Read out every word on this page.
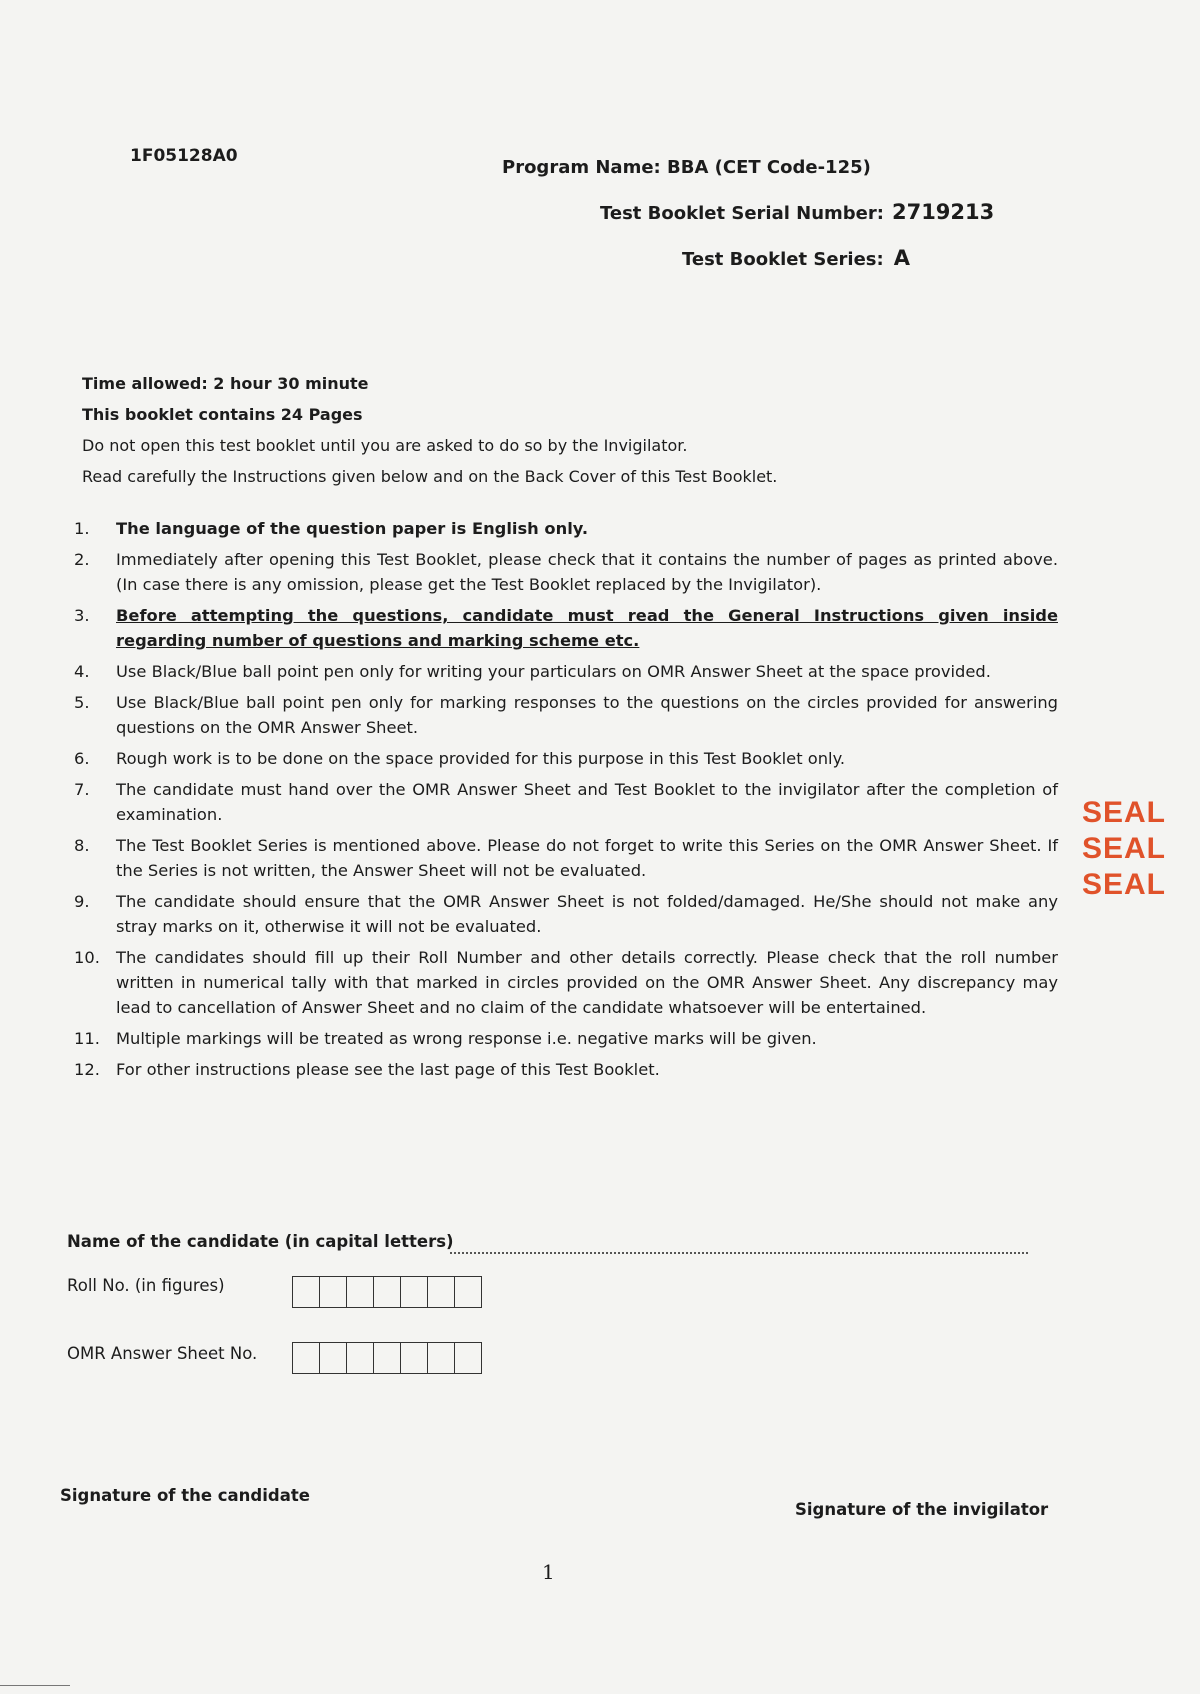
1F05128A0
Program Name: BBA (CET Code-125)
Test Booklet Serial Number: 2719213
Test Booklet Series: A
Time allowed: 2 hour 30 minute
This booklet contains 24 Pages
Do not open this test booklet until you are asked to do so by the Invigilator.
Read carefully the Instructions given below and on the Back Cover of this Test Booklet.
1. The language of the question paper is English only.
2. Immediately after opening this Test Booklet, please check that it contains the number of pages as printed above. (In case there is any omission, please get the Test Booklet replaced by the Invigilator).
3. Before attempting the questions, candidate must read the General Instructions given inside regarding number of questions and marking scheme etc.
4. Use Black/Blue ball point pen only for writing your particulars on OMR Answer Sheet at the space provided.
5. Use Black/Blue ball point pen only for marking responses to the questions on the circles provided for answering questions on the OMR Answer Sheet.
6. Rough work is to be done on the space provided for this purpose in this Test Booklet only.
7. The candidate must hand over the OMR Answer Sheet and Test Booklet to the invigilator after the completion of examination.
8. The Test Booklet Series is mentioned above. Please do not forget to write this Series on the OMR Answer Sheet. If the Series is not written, the Answer Sheet will not be evaluated.
9. The candidate should ensure that the OMR Answer Sheet is not folded/damaged. He/She should not make any stray marks on it, otherwise it will not be evaluated.
10. The candidates should fill up their Roll Number and other details correctly. Please check that the roll number written in numerical tally with that marked in circles provided on the OMR Answer Sheet. Any discrepancy may lead to cancellation of Answer Sheet and no claim of the candidate whatsoever will be entertained.
11. Multiple markings will be treated as wrong response i.e. negative marks will be given.
12. For other instructions please see the last page of this Test Booklet.
SEAL
SEAL
SEAL
Name of the candidate (in capital letters)
Roll No. (in figures)
OMR Answer Sheet No.
Signature of the candidate
Signature of the invigilator
1
